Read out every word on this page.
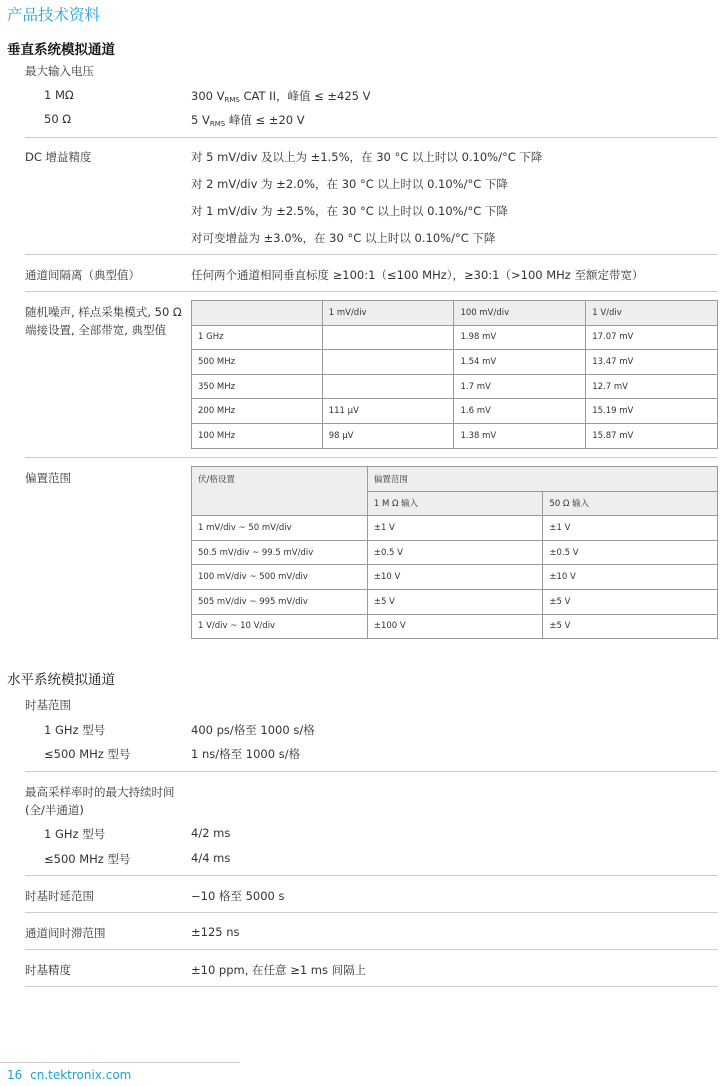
产品技术资料
垂直系统模拟通道
最大输入电压
1 MΩ	300 $V_{RMS}$ CAT II，峰值 ≤ ±425 V
50 Ω	5 $V_{RMS}$ 峰值 ≤ ±20 V
DC 增益精度	对 5 mV/div 及以上为 ±1.5%，在 30 °C 以上时以 0.10%/°C 下降
对 2 mV/div 为 ±2.0%，在 30 °C 以上时以 0.10%/°C 下降
对 1 mV/div 为 ±2.5%，在 30 °C 以上时以 0.10%/°C 下降
对可变增益为 ±3.0%，在 30 °C 以上时以 0.10%/°C 下降
通道间隔离（典型值）	任何两个通道相同垂直标度 ≥100:1（≤100 MHz），≥30:1（>100 MHz 至额定带宽）
随机噪声, 样点采集模式, 50 Ω
端接设置, 全部带宽, 典型值
	1 mV/div	100 mV/div	1 V/div
1 GHz		1.98 mV	17.07 mV
500 MHz		1.54 mV	13.47 mV
350 MHz		1.7 mV	12.7 mV
200 MHz	111 μV	1.6 mV	15.19 mV
100 MHz	98 μV	1.38 mV	15.87 mV
偏置范围	伏/格设置	偏置范围	
	1 M Ω 输入	50 Ω 输入
1 mV/div ~ 50 mV/div	±1 V	±1 V
50.5 mV/div ~ 99.5 mV/div	±0.5 V	±0.5 V
100 mV/div ~ 500 mV/div	±10 V	±10 V
505 mV/div ~ 995 mV/div	±5 V	±5 V
1 V/div ~ 10 V/div	±100 V	±5 V
水平系统模拟通道
时基范围
1 GHz 型号	400 ps/格至 1000 s/格
≤500 MHz 型号	1 ns/格至 1000 s/格
最高采样率时的最大持续时间
(全/半通道)
1 GHz 型号	4/2 ms
≤500 MHz 型号	4/4 ms
时基时延范围	−10 格至 5000 s
通道间时滞范围	±125 ns
时基精度	±10 ppm, 在任意 ≥1 ms 间隔上
16 cn.tektronix.com
